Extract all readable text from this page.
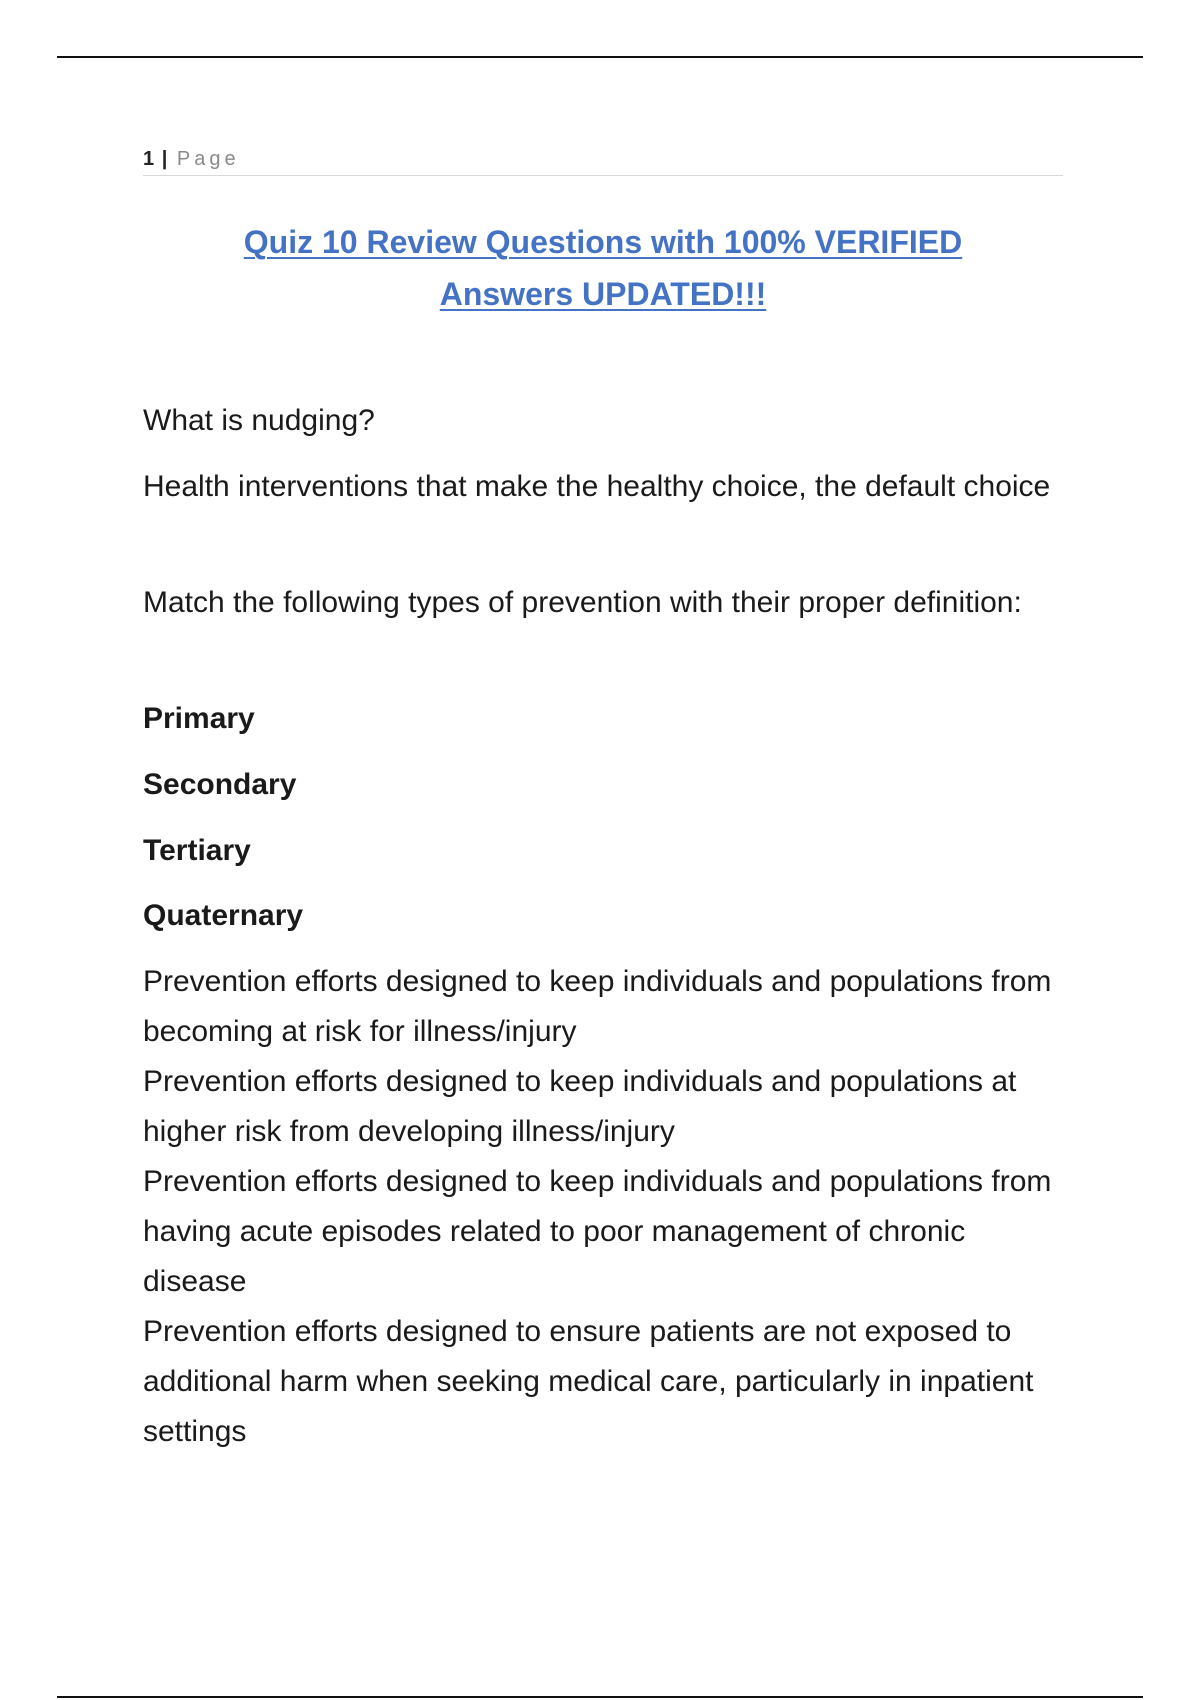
1 | Page
Quiz 10 Review Questions with 100% VERIFIED
Answers UPDATED!!!

What is nudging?

Health interventions that make the healthy choice, the default choice

Match the following types of prevention with their proper definition:

Primary

Secondary

Tertiary

Quaternary

Prevention efforts designed to keep individuals and populations from becoming at risk for illness/injury

Prevention efforts designed to keep individuals and populations at higher risk from developing illness/injury

Prevention efforts designed to keep individuals and populations from having acute episodes related to poor management of chronic disease

Prevention efforts designed to ensure patients are not exposed to additional harm when seeking medical care, particularly in inpatient settings
